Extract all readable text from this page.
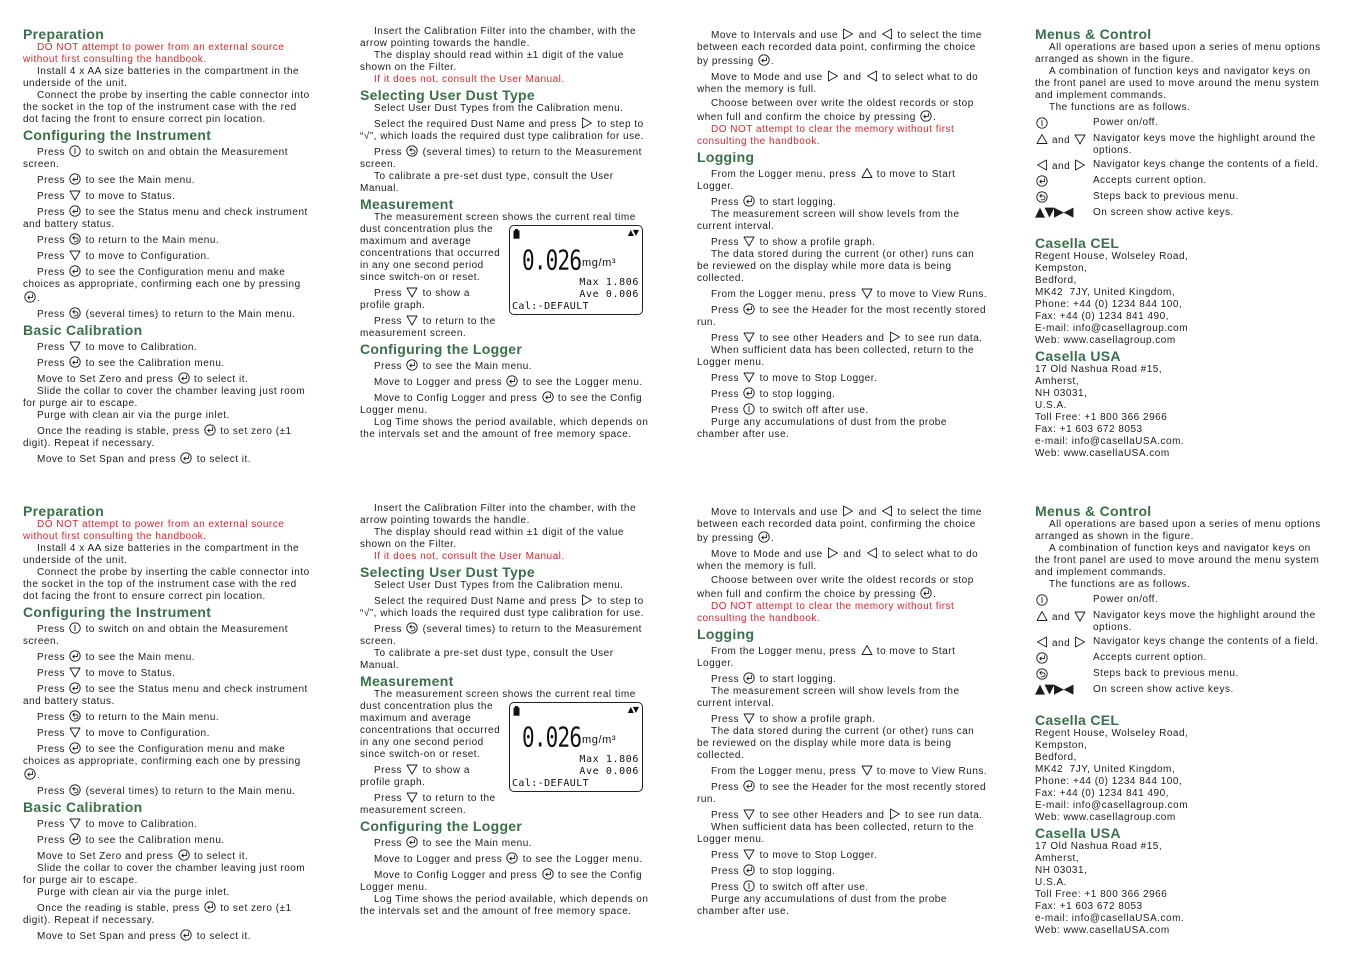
Preparation

DO NOT attempt to power from an external source without first consulting the handbook.

Install 4 x AA size batteries in the compartment in the underside of the unit.

Connect the probe by inserting the cable connector into the socket in the top of the instrument case with the red dot facing the front to ensure correct pin location.

Configuring the Instrument

Press
to switch on and obtain the Measurement screen.

Press
to see the Main menu.

Press
to move to Status.

Press
to see the Status menu and check instrument and battery status.

Press
to return to the Main menu.

Press
to move to Configuration.

Press
to see the Configuration menu and make choices as appropriate, confirming each one by pressing
.

Press
(several times) to return to the Main menu.

Basic Calibration

Press
to move to Calibration.

Press
to see the Calibration menu.

Move to Set Zero and press
to select it.

Slide the collar to cover the chamber leaving just room for purge air to escape.

Purge with clean air via the purge inlet.

Once the reading is stable, press
to set zero (±1 digit). Repeat if necessary.

Move to Set Span and press
to select it.

Insert the Calibration Filter into the chamber, with the arrow pointing towards the handle.

The display should read within ±1 digit of the value shown on the Filter.

If it does not, consult the User Manual.

Selecting User Dust Type

Select User Dust Types from the Calibration menu.

Select the required Dust Name and press
to step to “√”, which loads the required dust type calibration for use.

Press
(several times) to return to the Measurement screen.

To calibrate a pre-set dust type, consult the User Manual.

Measurement
▲▼
0.026 mg/m³
Max 1.806
Ave 0.006
Cal:-DEFAULT

The measurement screen shows the current real time dust concentration plus the maximum and average concentrations that occurred in any one second period since switch-on or reset.

Press
to show a profile graph.

Press
to return to the measurement screen.

Configuring the Logger

Press
to see the Main menu.

Move to Logger and press
to see the Logger menu.

Move to Config Logger and press
to see the Config Logger menu.

Log Time shows the period available, which depends on the intervals set and the amount of free memory space.

Move to Intervals and use
and
to select the time between each recorded data point, confirming the choice by pressing
.

Move to Mode and use
and
to select what to do when the memory is full.

Choose between over write the oldest records or stop when full and confirm the choice by pressing
.

DO NOT attempt to clear the memory without first consulting the handbook.

Logging

From the Logger menu, press
to move to Start Logger.

Press
to start logging.

The measurement screen will show levels from the current interval.

Press
to show a profile graph.

The data stored during the current (or other) runs can be reviewed on the display while more data is being collected.

From the Logger menu, press
to move to View Runs.

Press
to see the Header for the most recently stored run.

Press
to see other Headers and
to see run data.

When sufficient data has been collected, return to the Logger menu.

Press
to move to Stop Logger.

Press
to stop logging.

Press
to switch off after use.

Purge any accumulations of dust from the probe chamber after use.

Menus & Control

All operations are based upon a series of menu options arranged as shown in the figure.

A combination of function keys and navigator keys on the front panel are used to move around the menu system and implement commands.

The functions are as follows.

Power on/off.
and	Navigator keys move the highlight around the options.
and	Navigator keys change the contents of a field.
Accepts current option.
Steps back to previous menu.
▲▼▶◀	On screen show active keys.
Casella CEL
Regent House, Wolseley Road,
Kempston,
Bedford,
MK42  7JY, United Kingdom,
Phone: +44 (0) 1234 844 100,
Fax: +44 (0) 1234 841 490,
E-mail: info@casellagroup.com
Web: www.casellagroup.com
Casella USA
17 Old Nashua Road #15,
Amherst,
NH 03031,
U.S.A.
Toll Free: +1 800 366 2966
Fax: +1 603 672 8053
e-mail: info@casellaUSA.com.
Web: www.casellaUSA.com
Preparation

DO NOT attempt to power from an external source without first consulting the handbook.

Install 4 x AA size batteries in the compartment in the underside of the unit.

Connect the probe by inserting the cable connector into the socket in the top of the instrument case with the red dot facing the front to ensure correct pin location.

Configuring the Instrument

Press
to switch on and obtain the Measurement screen.

Press
to see the Main menu.

Press
to move to Status.

Press
to see the Status menu and check instrument and battery status.

Press
to return to the Main menu.

Press
to move to Configuration.

Press
to see the Configuration menu and make choices as appropriate, confirming each one by pressing
.

Press
(several times) to return to the Main menu.

Basic Calibration

Press
to move to Calibration.

Press
to see the Calibration menu.

Move to Set Zero and press
to select it.

Slide the collar to cover the chamber leaving just room for purge air to escape.

Purge with clean air via the purge inlet.

Once the reading is stable, press
to set zero (±1 digit). Repeat if necessary.

Move to Set Span and press
to select it.

Insert the Calibration Filter into the chamber, with the arrow pointing towards the handle.

The display should read within ±1 digit of the value shown on the Filter.

If it does not, consult the User Manual.

Selecting User Dust Type

Select User Dust Types from the Calibration menu.

Select the required Dust Name and press
to step to “√”, which loads the required dust type calibration for use.

Press
(several times) to return to the Measurement screen.

To calibrate a pre-set dust type, consult the User Manual.

Measurement
▲▼
0.026 mg/m³
Max 1.806
Ave 0.006
Cal:-DEFAULT

The measurement screen shows the current real time dust concentration plus the maximum and average concentrations that occurred in any one second period since switch-on or reset.

Press
to show a profile graph.

Press
to return to the measurement screen.

Configuring the Logger

Press
to see the Main menu.

Move to Logger and press
to see the Logger menu.

Move to Config Logger and press
to see the Config Logger menu.

Log Time shows the period available, which depends on the intervals set and the amount of free memory space.

Move to Intervals and use
and
to select the time between each recorded data point, confirming the choice by pressing
.

Move to Mode and use
and
to select what to do when the memory is full.

Choose between over write the oldest records or stop when full and confirm the choice by pressing
.

DO NOT attempt to clear the memory without first consulting the handbook.

Logging

From the Logger menu, press
to move to Start Logger.

Press
to start logging.

The measurement screen will show levels from the current interval.

Press
to show a profile graph.

The data stored during the current (or other) runs can be reviewed on the display while more data is being collected.

From the Logger menu, press
to move to View Runs.

Press
to see the Header for the most recently stored run.

Press
to see other Headers and
to see run data.

When sufficient data has been collected, return to the Logger menu.

Press
to move to Stop Logger.

Press
to stop logging.

Press
to switch off after use.

Purge any accumulations of dust from the probe chamber after use.

Menus & Control

All operations are based upon a series of menu options arranged as shown in the figure.

A combination of function keys and navigator keys on the front panel are used to move around the menu system and implement commands.

The functions are as follows.

Power on/off.
and	Navigator keys move the highlight around the options.
and	Navigator keys change the contents of a field.
Accepts current option.
Steps back to previous menu.
▲▼▶◀	On screen show active keys.
Casella CEL
Regent House, Wolseley Road,
Kempston,
Bedford,
MK42  7JY, United Kingdom,
Phone: +44 (0) 1234 844 100,
Fax: +44 (0) 1234 841 490,
E-mail: info@casellagroup.com
Web: www.casellagroup.com
Casella USA
17 Old Nashua Road #15,
Amherst,
NH 03031,
U.S.A.
Toll Free: +1 800 366 2966
Fax: +1 603 672 8053
e-mail: info@casellaUSA.com.
Web: www.casellaUSA.com
